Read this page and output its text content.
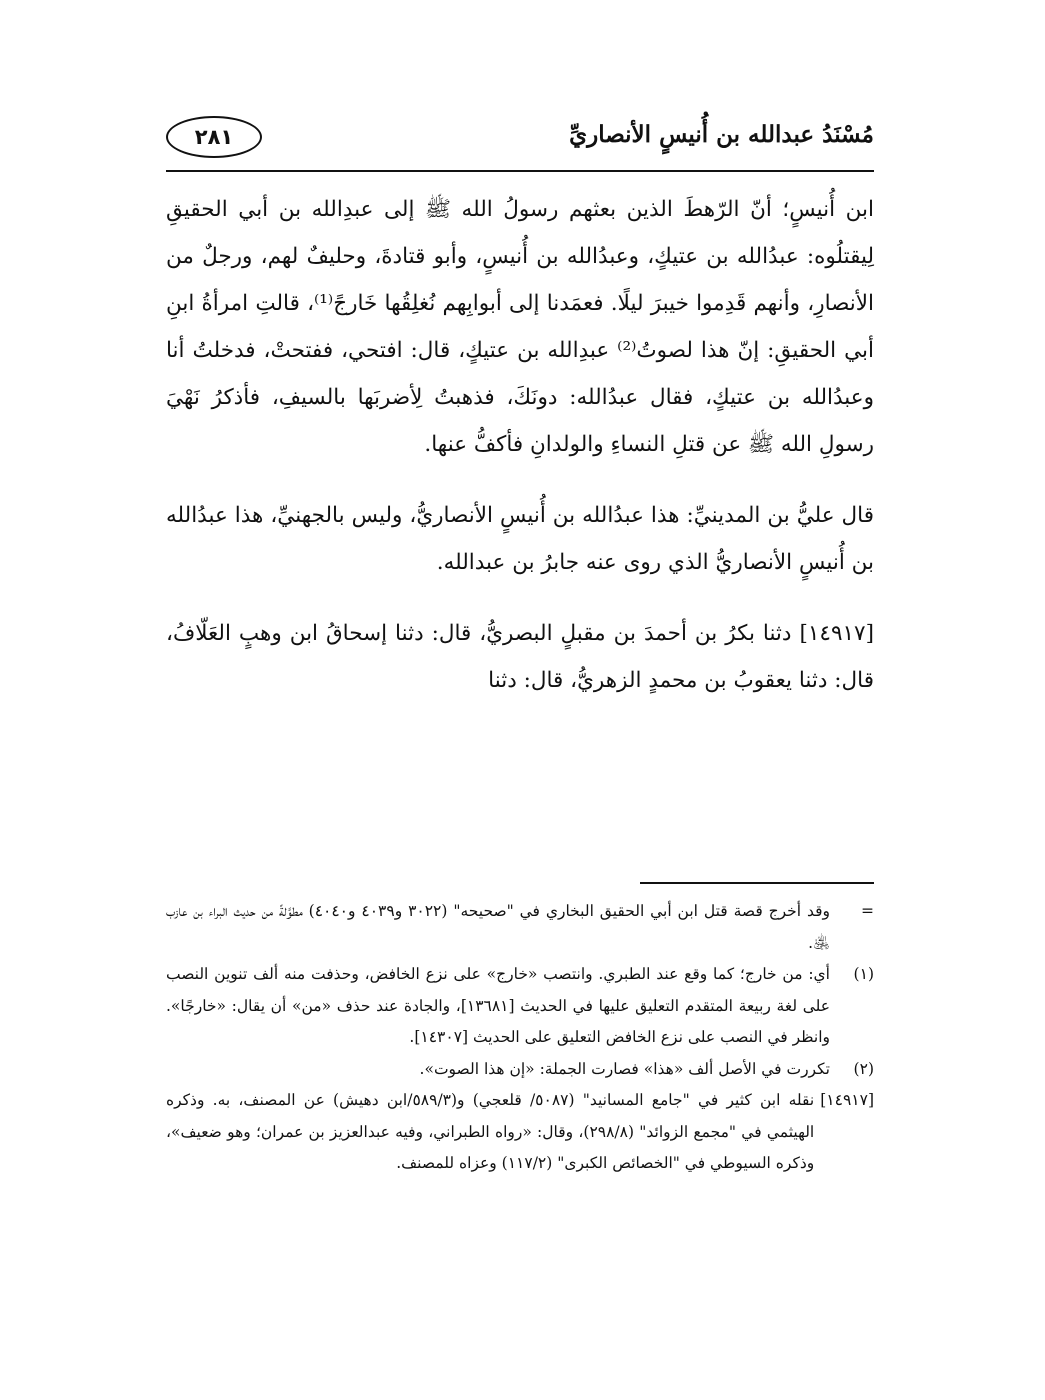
مُسْنَدُ عبدالله بن أُنيسٍ الأنصاريِّ
٢٨١

ابن أُنيسٍ؛ أنّ الرّهطَ الذين بعثهم رسولُ الله ﷺ إلى عبدِالله بن أبي الحقيقِ لِيقتلُوه: عبدُالله بن عتيكٍ، وعبدُالله بن أُنيسٍ، وأبو قتادةَ، وحليفٌ لهم، ورجلٌ من الأنصارِ، وأنهم قَدِموا خيبرَ ليلًا. فعمَدنا إلى أبوابِهم نُغلِقُها خَارجً⁽¹⁾، قالتِ امرأةُ ابنِ أبي الحقيقِ: إنّ هذا لصوتُ⁽²⁾ عبدِالله بن عتيكٍ، قال: افتحي، ففتحتْ، فدخلتُ أنا وعبدُالله بن عتيكٍ، فقال عبدُالله: دونَكَ، فذهبتُ لِأضربَها بالسيفِ، فأذكرُ نَهْيَ رسولِ الله ﷺ عن قتلِ النساءِ والولدانِ فأكفُّ عنها.

قال عليُّ بن المدينيِّ: هذا عبدُالله بن أُنيسٍ الأنصاريُّ، وليس بالجهنيِّ، هذا عبدُالله بن أُنيسٍ الأنصاريُّ الذي روى عنه جابرُ بن عبدالله.

[١٤٩١٧] دثنا بكرُ بن أحمدَ بن مقبلٍ البصريُّ، قال: دثنا إسحاقُ ابن وهبٍ العَلّافُ، قال: دثنا يعقوبُ بن محمدٍ الزهريُّ، قال: دثنا

=
وقد أخرج قصة قتل ابن أبي الحقيق البخاري في "صحيحه" (٣٠٢٢ و٤٠٣٩ و٤٠٤٠) مطوَّلةً من حديث البراء بن عازب ﵁.
(١)
أي: من خارج؛ كما وقع عند الطبري. وانتصب «خارج» على نزع الخافض، وحذفت منه ألف تنوين النصب على لغة ربيعة المتقدم التعليق عليها في الحديث [١٣٦٨١]، والجادة عند حذف «من» أن يقال: «خارجًا». وانظر في النصب على نزع الخافض التعليق على الحديث [١٤٣٠٧].
(٢)
تكررت في الأصل ألف «هذا» فصارت الجملة: «إن هذا الصوت».
[١٤٩١٧]
نقله ابن كثير في "جامع المسانيد" (٥٠٨٧/ قلعجي) و(٥٨٩/٣/ابن دهيش) عن المصنف، به. وذكره الهيثمي في "مجمع الزوائد" (٢٩٨/٨)، وقال: «رواه الطبراني، وفيه عبدالعزيز بن عمران؛ وهو ضعيف»، وذكره السيوطي في "الخصائص الكبرى" (١١٧/٢) وعزاه للمصنف.
